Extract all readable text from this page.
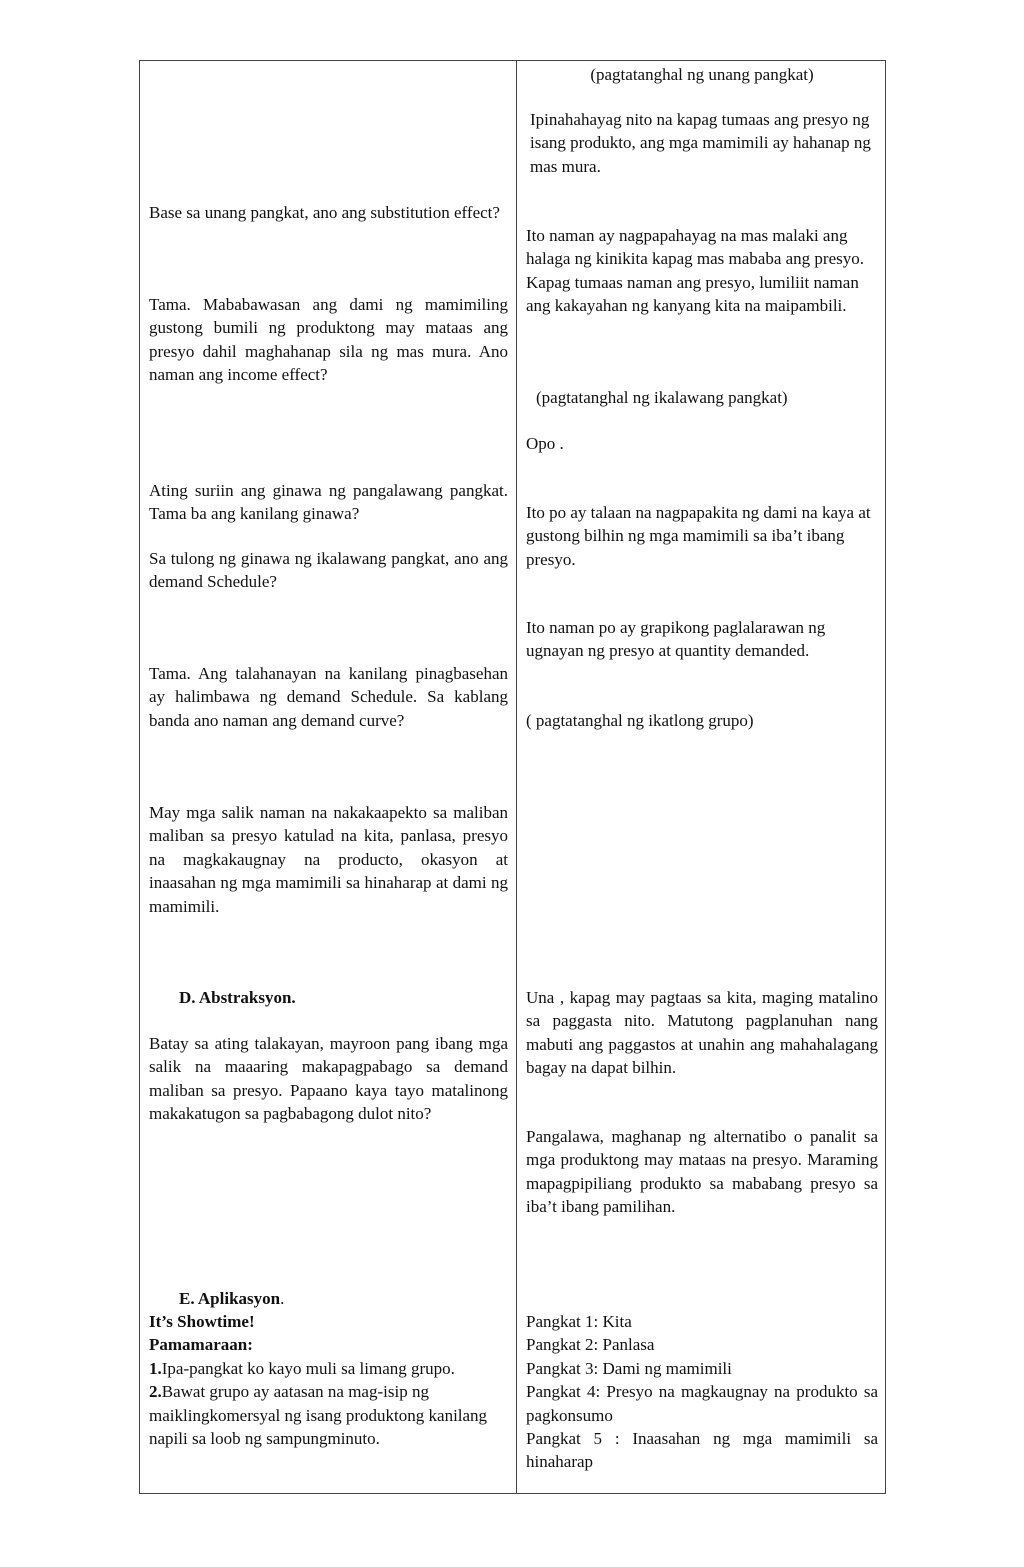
Base sa unang pangkat, ano ang substitution effect?

Tama. Mababawasan ang dami ng mamimiling gustong bumili ng produktong may mataas ang presyo dahil maghahanap sila ng mas mura. Ano naman ang income effect?

Ating suriin ang ginawa ng pangalawang pangkat. Tama ba ang kanilang ginawa?

Sa tulong ng ginawa ng ikalawang pangkat, ano ang demand Schedule?

Tama. Ang talahanayan na kanilang pinagbasehan ay halimbawa ng demand Schedule. Sa kablang banda ano naman ang demand curve?

May mga salik naman na nakakaapekto sa maliban maliban sa presyo katulad na kita, panlasa, presyo na magkakaugnay na producto, okasyon at inaasahan ng mga mamimili sa hinaharap at dami ng mamimili.

D. Abstraksyon.

Batay sa ating talakayan, mayroon pang ibang mga salik na maaaring makapagpabago sa demand maliban sa presyo. Papaano kaya tayo matalinong makakatugon sa pagbabagong dulot nito?

E. Aplikasyon.

It’s Showtime!
Pamamaraan:
1.Ipa-pangkat ko kayo muli sa limang grupo.
2.Bawat grupo ay aatasan na mag-isip ng maiklingkomersyal ng isang produktong kanilang napili sa loob ng sampungminuto.

(pagtatanghal ng unang pangkat)

Ipinahahayag nito na kapag tumaas ang presyo ng isang produkto, ang mga mamimili ay hahanap ng mas mura.

Ito naman ay nagpapahayag na mas malaki ang halaga ng kinikita kapag mas mababa ang presyo. Kapag tumaas naman ang presyo, lumiliit naman ang kakayahan ng kanyang kita na maipambili.

(pagtatanghal ng ikalawang pangkat)

Opo .

Ito po ay talaan na nagpapakita ng dami na kaya at gustong bilhin ng mga mamimili sa iba’t ibang presyo.

Ito naman po ay grapikong paglalarawan ng ugnayan ng presyo at quantity demanded.

( pagtatanghal ng ikatlong grupo)

Una , kapag may pagtaas sa kita, maging matalino sa paggasta nito. Matutong pagplanuhan nang mabuti ang paggastos at unahin ang mahahalagang bagay na dapat bilhin.

Pangalawa, maghanap ng alternatibo o panalit sa mga produktong may mataas na presyo. Maraming mapagpipiliang produkto sa mababang presyo sa iba’t ibang pamilihan.

Pangkat 1: Kita
Pangkat 2: Panlasa
Pangkat 3: Dami ng mamimili
Pangkat 4: Presyo na magkaugnay na produkto sa pagkonsumo
Pangkat 5 : Inaasahan ng mga mamimili sa hinaharap
